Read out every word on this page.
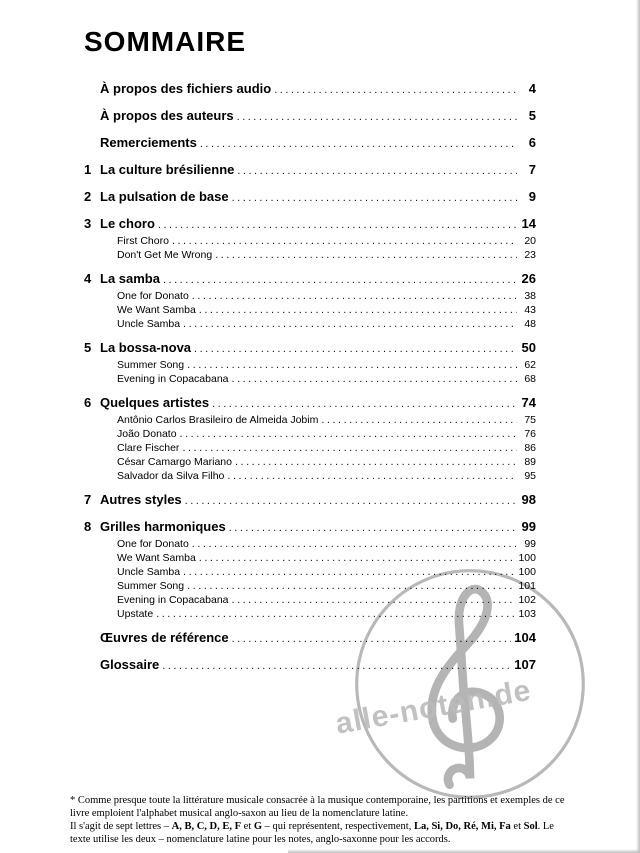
SOMMAIRE
À propos des fichiers audio .....	4
À propos des auteurs .....	5
Remerciements .....	6
1 La culture brésilienne .....	7
2 La pulsation de base .....	9
3 Le choro .....	14
First Choro .....	20
Don't Get Me Wrong .....	23
4 La samba .....	26
One for Donato .....	38
We Want Samba .....	43
Uncle Samba .....	48
5 La bossa-nova .....	50
Summer Song .....	62
Evening in Copacabana .....	68
6 Quelques artistes .....	74
Antônio Carlos Brasileiro de Almeida Jobim .....	75
João Donato .....	76
Clare Fischer .....	86
César Camargo Mariano .....	89
Salvador da Silva Filho .....	95
7 Autres styles .....	98
8 Grilles harmoniques .....	99
One for Donato .....	99
We Want Samba .....	100
Uncle Samba .....	100
Summer Song .....	101
Evening in Copacabana .....	102
Upstate .....	103
Œuvres de référence .....	104
Glossaire .....	107
alle-noten.de

* Comme presque toute la littérature musicale consacrée à la musique contemporaine, les partitions et exemples de ce livre emploient l'alphabet musical anglo-saxon au lieu de la nomenclature latine.

Il s'agit de sept lettres – A, B, C, D, E, F et G – qui représentent, respectivement, La, Si, Do, Ré, Mi, Fa et Sol. Le texte utilise les deux – nomenclature latine pour les notes, anglo-saxonne pour les accords.
